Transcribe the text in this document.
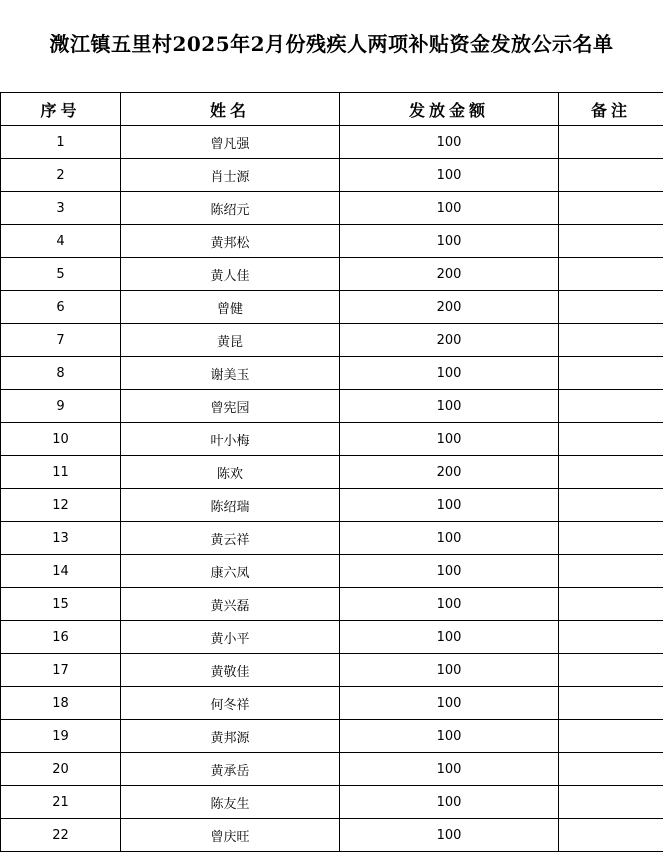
溦江镇五里村2025年2月份残疾人两项补贴资金发放公示名单
序号	姓名	发放金额	备注
1	曾凡强	100	
2	肖士源	100	
3	陈绍元	100	
4	黄邦松	100	
5	黄人佳	200	
6	曾健	200	
7	黄昆	200	
8	谢美玉	100	
9	曾宪园	100	
10	叶小梅	100	
11	陈欢	200	
12	陈绍瑞	100	
13	黄云祥	100	
14	康六凤	100	
15	黄兴磊	100	
16	黄小平	100	
17	黄敬佳	100	
18	何冬祥	100	
19	黄邦源	100	
20	黄承岳	100	
21	陈友生	100	
22	曾庆旺	100	
